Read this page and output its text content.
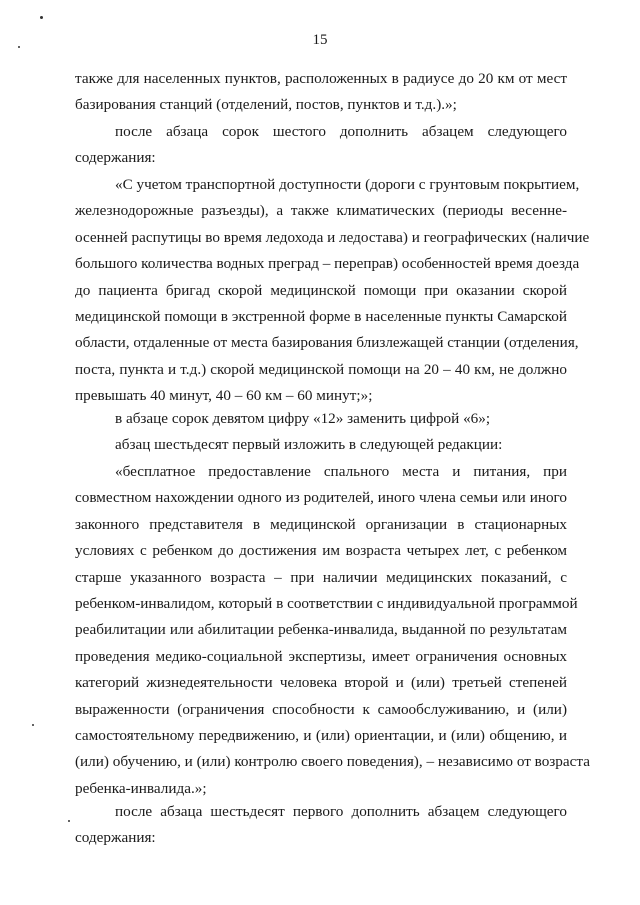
15
также для населенных пунктов, расположенных в радиусе до 20 км от мест
базирования станций (отделений, постов, пунктов и т.д.).»;
после абзаца сорок шестого дополнить абзацем следующего
содержания:
«С учетом транспортной доступности (дороги с грунтовым покрытием,
железнодорожные разъезды), а также климатических (периоды весенне-
осенней распутицы во время ледохода и ледостава) и географических (наличие
большого количества водных преград – переправ) особенностей время доезда
до пациента бригад скорой медицинской помощи при оказании скорой
медицинской помощи в экстренной форме в населенные пункты Самарской
области, отдаленные от места базирования близлежащей станции (отделения,
поста, пункта и т.д.) скорой медицинской помощи на 20 – 40 км, не должно
превышать 40 минут, 40 – 60 км – 60 минут;»;
в абзаце сорок девятом цифру «12» заменить цифрой «6»;
абзац шестьдесят первый изложить в следующей редакции:
«бесплатное предоставление спального места и питания, при
совместном нахождении одного из родителей, иного члена семьи или иного
законного представителя в медицинской организации в стационарных
условиях с ребенком до достижения им возраста четырех лет, с ребенком
старше указанного возраста – при наличии медицинских показаний, с
ребенком-инвалидом, который в соответствии с индивидуальной программой
реабилитации или абилитации ребенка-инвалида, выданной по результатам
проведения медико-социальной экспертизы, имеет ограничения основных
категорий жизнедеятельности человека второй и (или) третьей степеней
выраженности (ограничения способности к самообслуживанию, и (или)
самостоятельному передвижению, и (или) ориентации, и (или) общению, и
(или) обучению, и (или) контролю своего поведения), – независимо от возраста
ребенка-инвалида.»;
после абзаца шестьдесят первого дополнить абзацем следующего
содержания:
